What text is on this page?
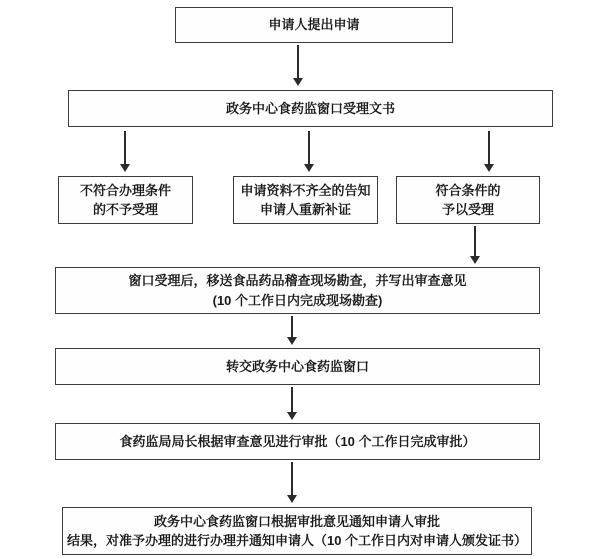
申请人提出申请
政务中心食药监窗口受理文书
不符合办理条件
的不予受理
申请资料不齐全的告知
申请人重新补证
符合条件的
予以受理
窗口受理后，移送食品药品稽查现场勘查，并写出审查意见
(10 个工作日内完成现场勘查)
转交政务中心食药监窗口
食药监局局长根据审查意见进行审批（10 个工作日完成审批）
政务中心食药监窗口根据审批意见通知申请人审批
结果，对准予办理的进行办理并通知申请人（10 个工作日内对申请人颁发证书）
